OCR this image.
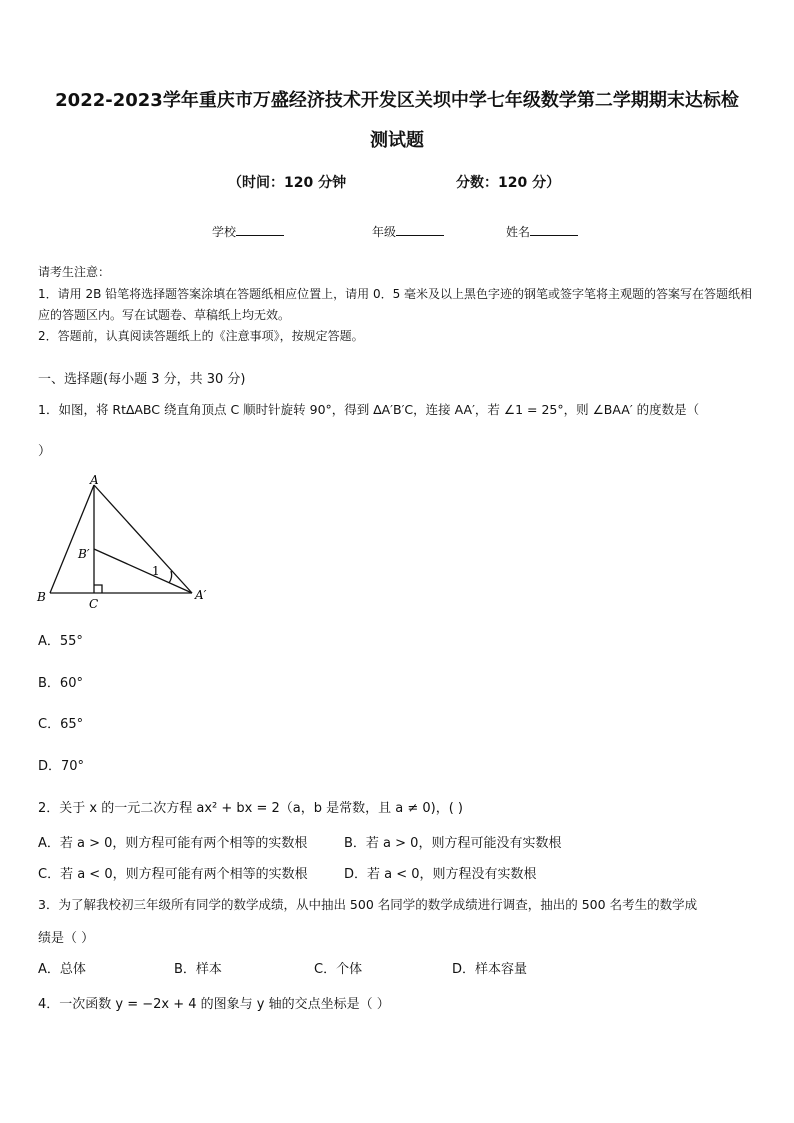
2022-2023学年重庆市万盛经济技术开发区关坝中学七年级数学第二学期期末达标检
测试题
（时间：120 分钟	分数：120 分）
学校	年级	姓名
请考生注意：
1．请用 2B 铅笔将选择题答案涂填在答题纸相应位置上，请用 0．5 毫米及以上黑色字迹的钢笔或签字笔将主观题的答案写在答题纸相应的答题区内。写在试题卷、草稿纸上均无效。
2．答题前，认真阅读答题纸上的《注意事项》，按规定答题。
一、选择题(每小题 3 分，共 30 分)
1．如图，将 Rt∆ABC 绕直角顶点 C 顺时针旋转 90°，得到 ∆A′B′C，连接 AA′，若 ∠1 = 25°，则 ∠BAA′ 的度数是（
）
A
B	C
B′
A′
1
A．55°
B．60°
C．65°
D．70°
2．关于 x 的一元二次方程 ax² + bx = 2（a，b 是常数，且 a ≠ 0)，( )
A．若 a > 0，则方程可能有两个相等的实数根	B．若 a > 0，则方程可能没有实数根
C．若 a < 0，则方程可能有两个相等的实数根	D．若 a < 0，则方程没有实数根
3．为了解我校初三年级所有同学的数学成绩，从中抽出 500 名同学的数学成绩进行调查，抽出的 500 名考生的数学成
绩是（ ）
A．总体	B．样本	C．个体	D．样本容量
4．一次函数 y = −2x + 4 的图象与 y 轴的交点坐标是（ ）
